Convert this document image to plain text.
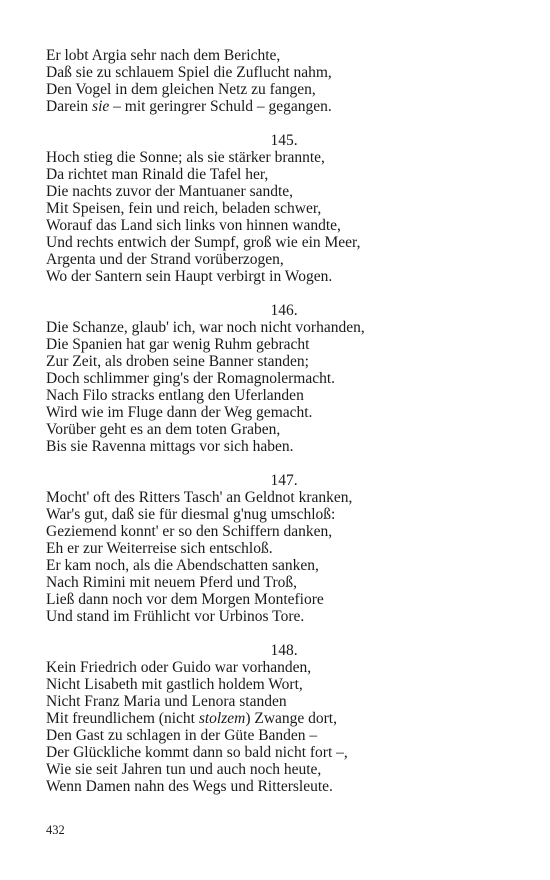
Er lobt Argia sehr nach dem Berichte,
Daß sie zu schlauem Spiel die Zuflucht nahm,
Den Vogel in dem gleichen Netz zu fangen,
Darein sie – mit geringrer Schuld – gegangen.
145.
Hoch stieg die Sonne; als sie stärker brannte,
Da richtet man Rinald die Tafel her,
Die nachts zuvor der Mantuaner sandte,
Mit Speisen, fein und reich, beladen schwer,
Worauf das Land sich links von hinnen wandte,
Und rechts entwich der Sumpf, groß wie ein Meer,
Argenta und der Strand vorüberzogen,
Wo der Santern sein Haupt verbirgt in Wogen.
146.
Die Schanze, glaub' ich, war noch nicht vorhanden,
Die Spanien hat gar wenig Ruhm gebracht
Zur Zeit, als droben seine Banner standen;
Doch schlimmer ging's der Romagnolermacht.
Nach Filo stracks entlang den Uferlanden
Wird wie im Fluge dann der Weg gemacht.
Vorüber geht es an dem toten Graben,
Bis sie Ravenna mittags vor sich haben.
147.
Mocht' oft des Ritters Tasch' an Geldnot kranken,
War's gut, daß sie für diesmal g'nug umschloß:
Geziemend konnt' er so den Schiffern danken,
Eh er zur Weiterreise sich entschloß.
Er kam noch, als die Abendschatten sanken,
Nach Rimini mit neuem Pferd und Troß,
Ließ dann noch vor dem Morgen Montefiore
Und stand im Frühlicht vor Urbinos Tore.
148.
Kein Friedrich oder Guido war vorhanden,
Nicht Lisabeth mit gastlich holdem Wort,
Nicht Franz Maria und Lenora standen
Mit freundlichem (nicht stolzem) Zwange dort,
Den Gast zu schlagen in der Güte Banden –
Der Glückliche kommt dann so bald nicht fort –,
Wie sie seit Jahren tun und auch noch heute,
Wenn Damen nahn des Wegs und Rittersleute.
432
